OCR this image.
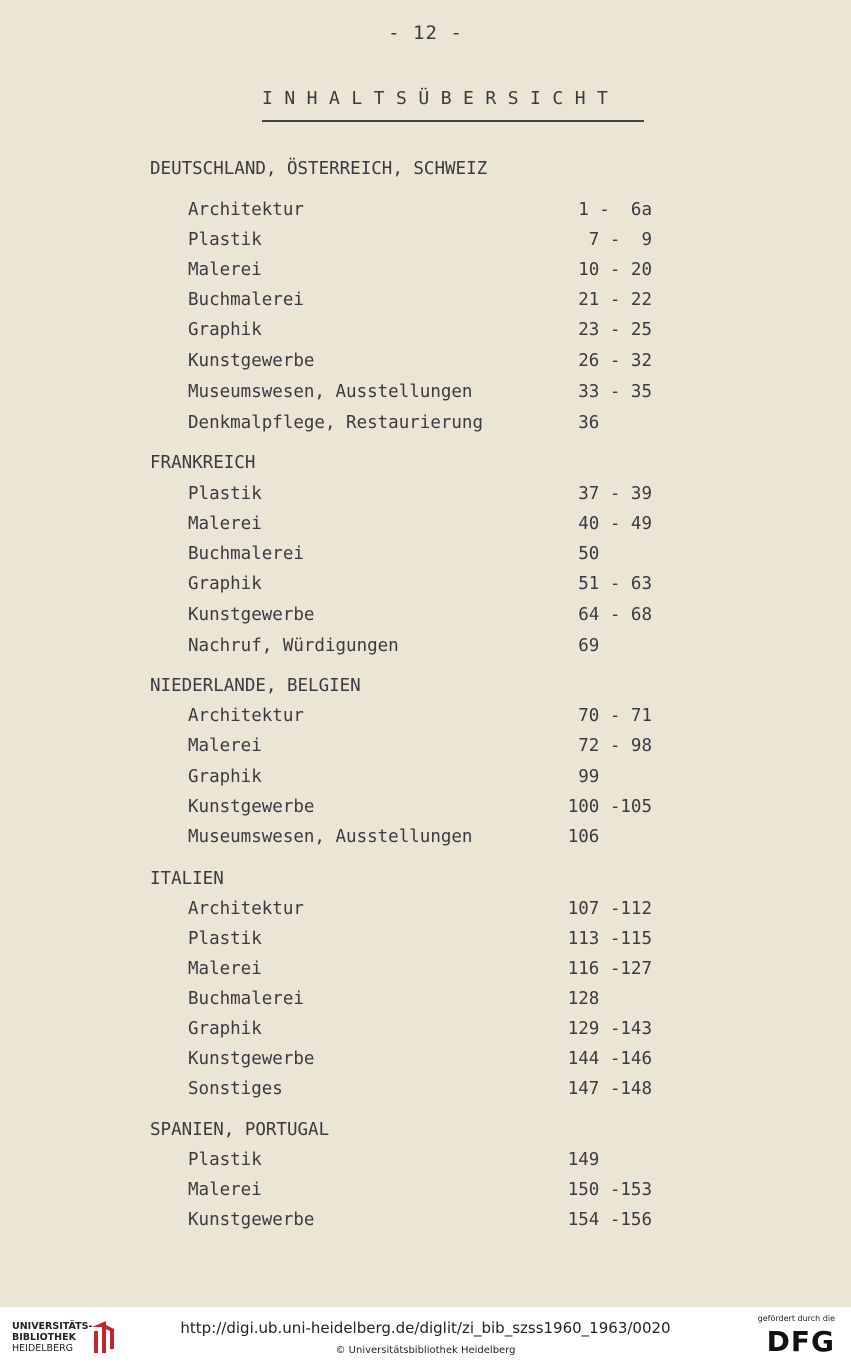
- 12 -
INHALTSÜBERSICHT
DEUTSCHLAND, ÖSTERREICH, SCHWEIZ
Architektur	1 -  6a
Plastik	7 -  9
Malerei	10 - 20
Buchmalerei	21 - 22
Graphik	23 - 25
Kunstgewerbe	26 - 32
Museumswesen, Ausstellungen	33 - 35
Denkmalpflege, Restaurierung	36
FRANKREICH
Plastik	37 - 39
Malerei	40 - 49
Buchmalerei	50
Graphik	51 - 63
Kunstgewerbe	64 - 68
Nachruf, Würdigungen	69
NIEDERLANDE, BELGIEN
Architektur	70 - 71
Malerei	72 - 98
Graphik	99
Kunstgewerbe	100 -105
Museumswesen, Ausstellungen	106
ITALIEN
Architektur	107 -112
Plastik	113 -115
Malerei	116 -127
Buchmalerei	128
Graphik	129 -143
Kunstgewerbe	144 -146
Sonstiges	147 -148
SPANIEN, PORTUGAL
Plastik	149
Malerei	150 -153
Kunstgewerbe	154 -156
UNIVERSITÄTS-
BIBLIOTHEK
HEIDELBERG
http://digi.ub.uni-heidelberg.de/diglit/zi_bib_szss1960_1963/0020
© Universitätsbibliothek Heidelberg
gefördert durch die
DFG
